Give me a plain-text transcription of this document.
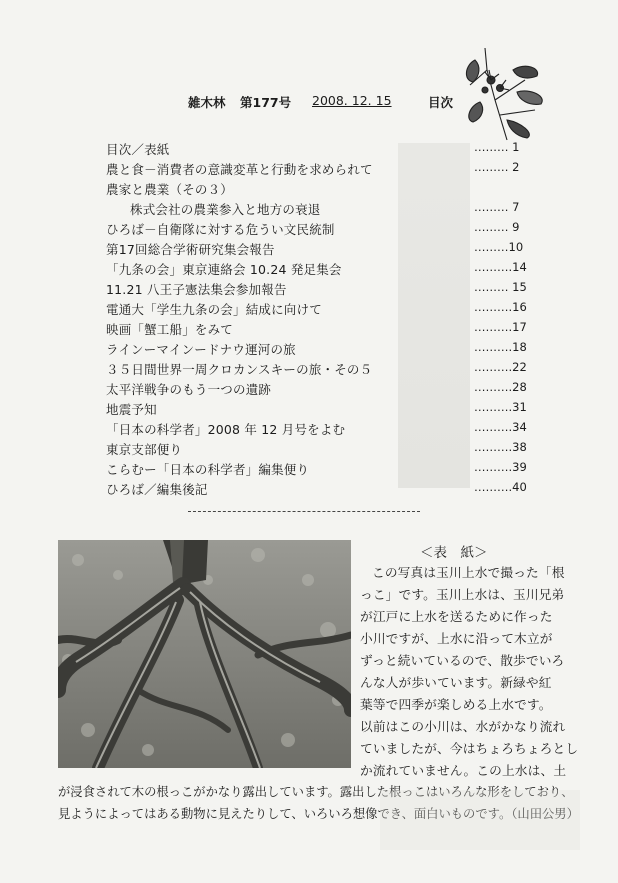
雑木林 第177号 2008. 12. 15	目次
目次／表紙	……… 1
農と食－消費者の意識変革と行動を求められて	……… 2
農家と農業（その３）
株式会社の農業参入と地方の衰退	……… 7
ひろば－自衛隊に対する危うい文民統制	……… 9
第17回総合学術研究集会報告	………10
「九条の会」東京連絡会 10.24 発足集会	……….14
11.21 八王子憲法集会参加報告	……… 15
電通大「学生九条の会」結成に向けて	……….16
映画「蟹工船」をみて	……….17
ラインーマインードナウ運河の旅	……….18
３５日間世界一周クロカンスキーの旅・その５	……….22
太平洋戦争のもう一つの遺跡	……….28
地震予知	……….31
「日本の科学者」2008 年 12 月号をよむ	……….34
東京支部便り	……….38
こらむー「日本の科学者」編集便り	……….39
ひろば／編集後記	……….40
＜表　紙＞
この写真は玉川上水で撮った「根
っこ」です。玉川上水は、玉川兄弟
が江戸に上水を送るために作った
小川ですが、上水に沿って木立が
ずっと続いているので、散歩でいろ
んな人が歩いています。新緑や紅
葉等で四季が楽しめる上水です。
以前はこの小川は、水がかなり流れ
ていましたが、今はちょろちょろとし
か流れていません。この上水は、土
が浸食されて木の根っこがかなり露出しています。露出した根っこはいろんな形をしており、
見ようによってはある動物に見えたりして、いろいろ想像でき、面白いものです。（山田公男）
